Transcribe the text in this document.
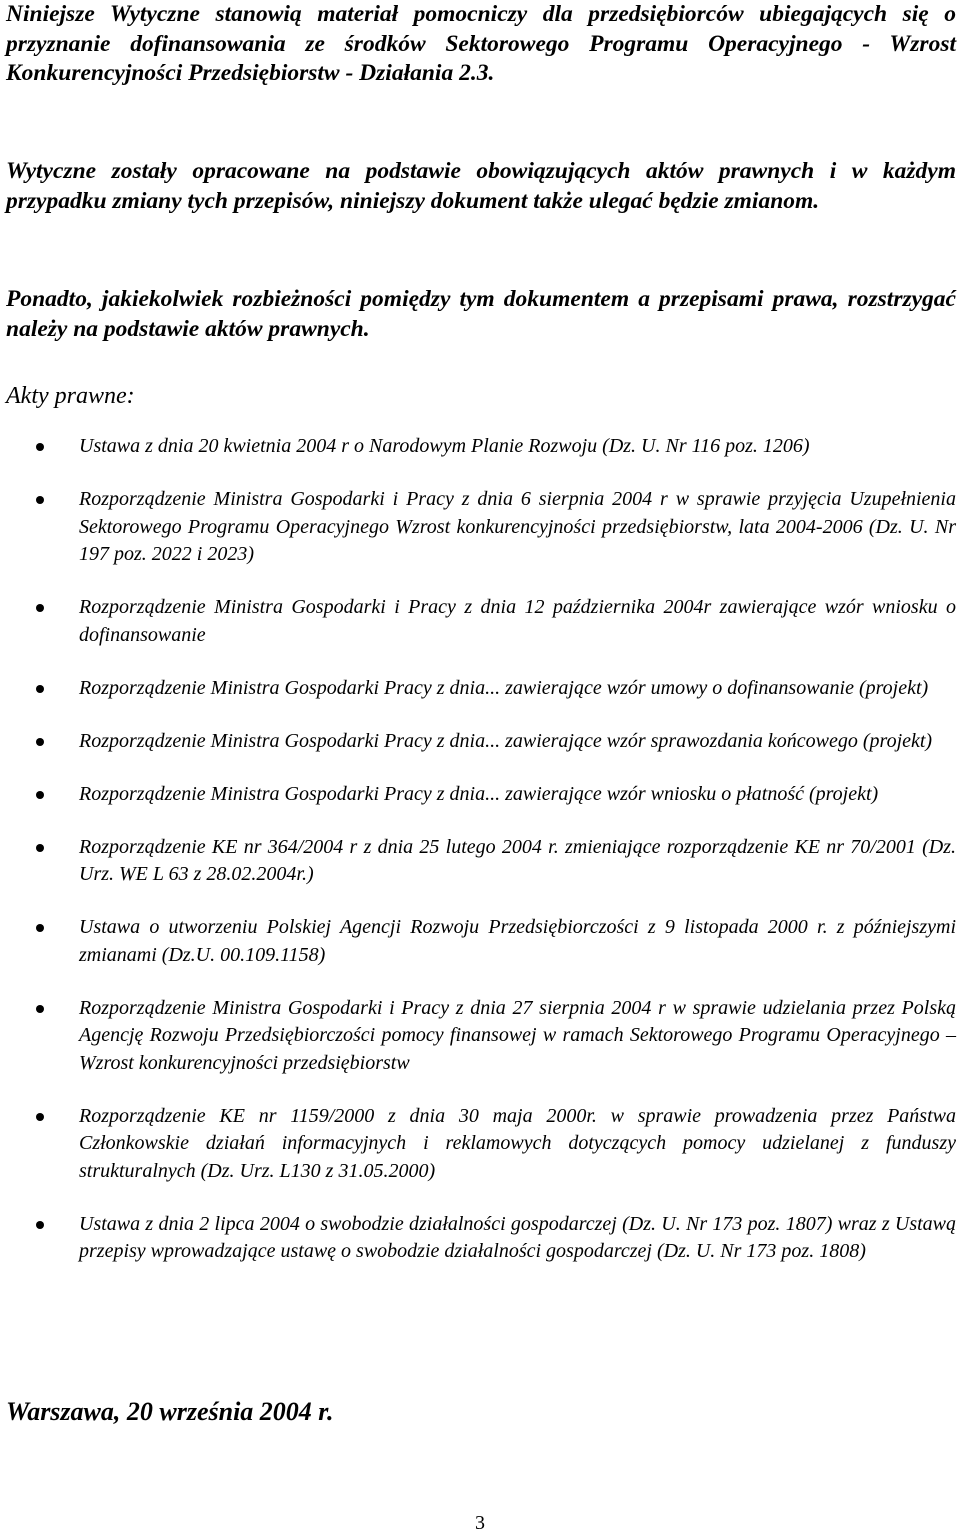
Niniejsze Wytyczne stanowią materiał pomocniczy dla przedsiębiorców ubiegających się o przyznanie dofinansowania ze środków Sektorowego Programu Operacyjnego - Wzrost Konkurencyjności Przedsiębiorstw - Działania 2.3.

Wytyczne zostały opracowane na podstawie obowiązujących aktów prawnych i w każdym przypadku zmiany tych przepisów, niniejszy dokument także ulegać będzie zmianom.

Ponadto, jakiekolwiek rozbieżności pomiędzy tym dokumentem a przepisami prawa, rozstrzygać należy na podstawie aktów prawnych.

Akty prawne:

Ustawa z dnia 20 kwietnia 2004 r o Narodowym Planie Rozwoju (Dz. U. Nr 116 poz. 1206)
Rozporządzenie Ministra Gospodarki i Pracy z dnia 6 sierpnia 2004 r w sprawie przyjęcia Uzupełnienia Sektorowego Programu Operacyjnego Wzrost konkurencyjności przedsiębiorstw, lata 2004-2006 (Dz. U. Nr 197 poz. 2022 i 2023)
Rozporządzenie Ministra Gospodarki i Pracy z dnia 12 października 2004r zawierające wzór wniosku o dofinansowanie
Rozporządzenie Ministra Gospodarki Pracy z dnia... zawierające wzór umowy o dofinansowanie (projekt)
Rozporządzenie Ministra Gospodarki Pracy z dnia... zawierające wzór sprawozdania końcowego (projekt)
Rozporządzenie Ministra Gospodarki Pracy z dnia... zawierające wzór wniosku o płatność (projekt)
Rozporządzenie KE nr 364/2004 r z dnia 25 lutego 2004 r. zmieniające rozporządzenie KE nr 70/2001 (Dz. Urz. WE L 63 z 28.02.2004r.)
Ustawa o utworzeniu Polskiej Agencji Rozwoju Przedsiębiorczości z 9 listopada 2000 r. z późniejszymi zmianami (Dz.U. 00.109.1158)
Rozporządzenie Ministra Gospodarki i Pracy z dnia 27 sierpnia 2004 r w sprawie udzielania przez Polską Agencję Rozwoju Przedsiębiorczości pomocy finansowej w ramach Sektorowego Programu Operacyjnego – Wzrost konkurencyjności przedsiębiorstw
Rozporządzenie KE nr 1159/2000 z dnia 30 maja 2000r. w sprawie prowadzenia przez Państwa Członkowskie działań informacyjnych i reklamowych dotyczących pomocy udzielanej z funduszy strukturalnych (Dz. Urz. L130 z 31.05.2000)
Ustawa z dnia 2 lipca 2004 o swobodzie działalności gospodarczej (Dz. U. Nr 173 poz. 1807) wraz z Ustawą przepisy wprowadzające ustawę o swobodzie działalności gospodarczej (Dz. U. Nr 173 poz. 1808)

Warszawa, 20 września 2004 r.

3
